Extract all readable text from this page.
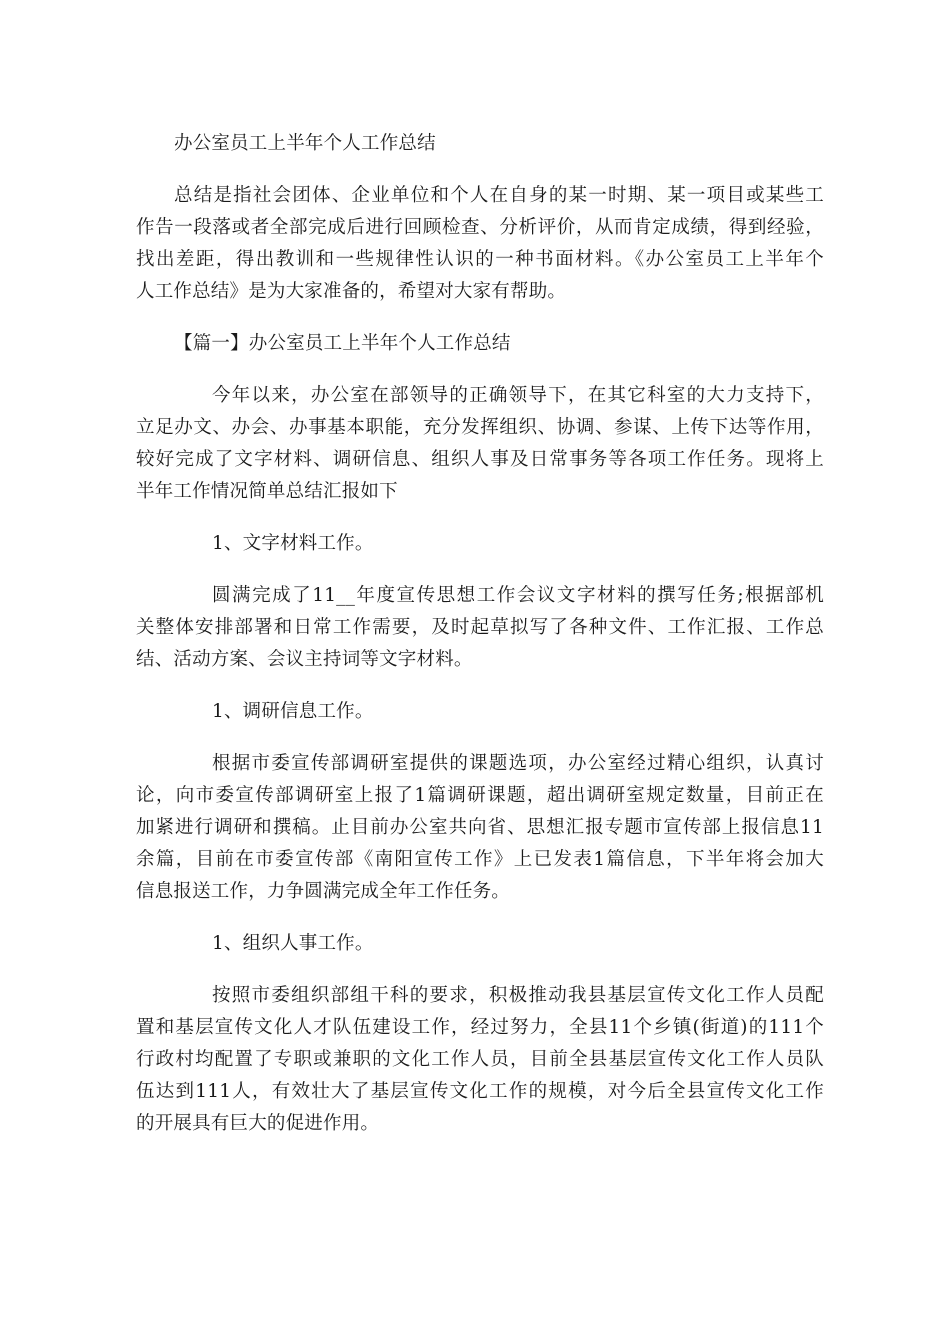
办公室员工上半年个人工作总结
总结是指社会团体、企业单位和个人在自身的某一时期、某一项目或某些工
作告一段落或者全部完成后进行回顾检查、分析评价，从而肯定成绩，得到经验，
找出差距，得出教训和一些规律性认识的一种书面材料。《办公室员工上半年个
人工作总结》是为大家准备的，希望对大家有帮助。
【篇一】办公室员工上半年个人工作总结
今年以来，办公室在部领导的正确领导下，在其它科室的大力支持下，
立足办文、办会、办事基本职能，充分发挥组织、协调、参谋、上传下达等作用，
较好完成了文字材料、调研信息、组织人事及日常事务等各项工作任务。现将上
半年工作情况简单总结汇报如下
1、文字材料工作。
圆满完成了11__年度宣传思想工作会议文字材料的撰写任务;根据部机
关整体安排部署和日常工作需要，及时起草拟写了各种文件、工作汇报、工作总
结、活动方案、会议主持词等文字材料。
1、调研信息工作。
根据市委宣传部调研室提供的课题选项，办公室经过精心组织，认真讨
论，向市委宣传部调研室上报了1篇调研课题，超出调研室规定数量，目前正在
加紧进行调研和撰稿。止目前办公室共向省、思想汇报专题市宣传部上报信息11
余篇，目前在市委宣传部《南阳宣传工作》上已发表1篇信息，下半年将会加大
信息报送工作，力争圆满完成全年工作任务。
1、组织人事工作。
按照市委组织部组干科的要求，积极推动我县基层宣传文化工作人员配
置和基层宣传文化人才队伍建设工作，经过努力，全县11个乡镇(街道)的111个
行政村均配置了专职或兼职的文化工作人员，目前全县基层宣传文化工作人员队
伍达到111人，有效壮大了基层宣传文化工作的规模，对今后全县宣传文化工作
的开展具有巨大的促进作用。
